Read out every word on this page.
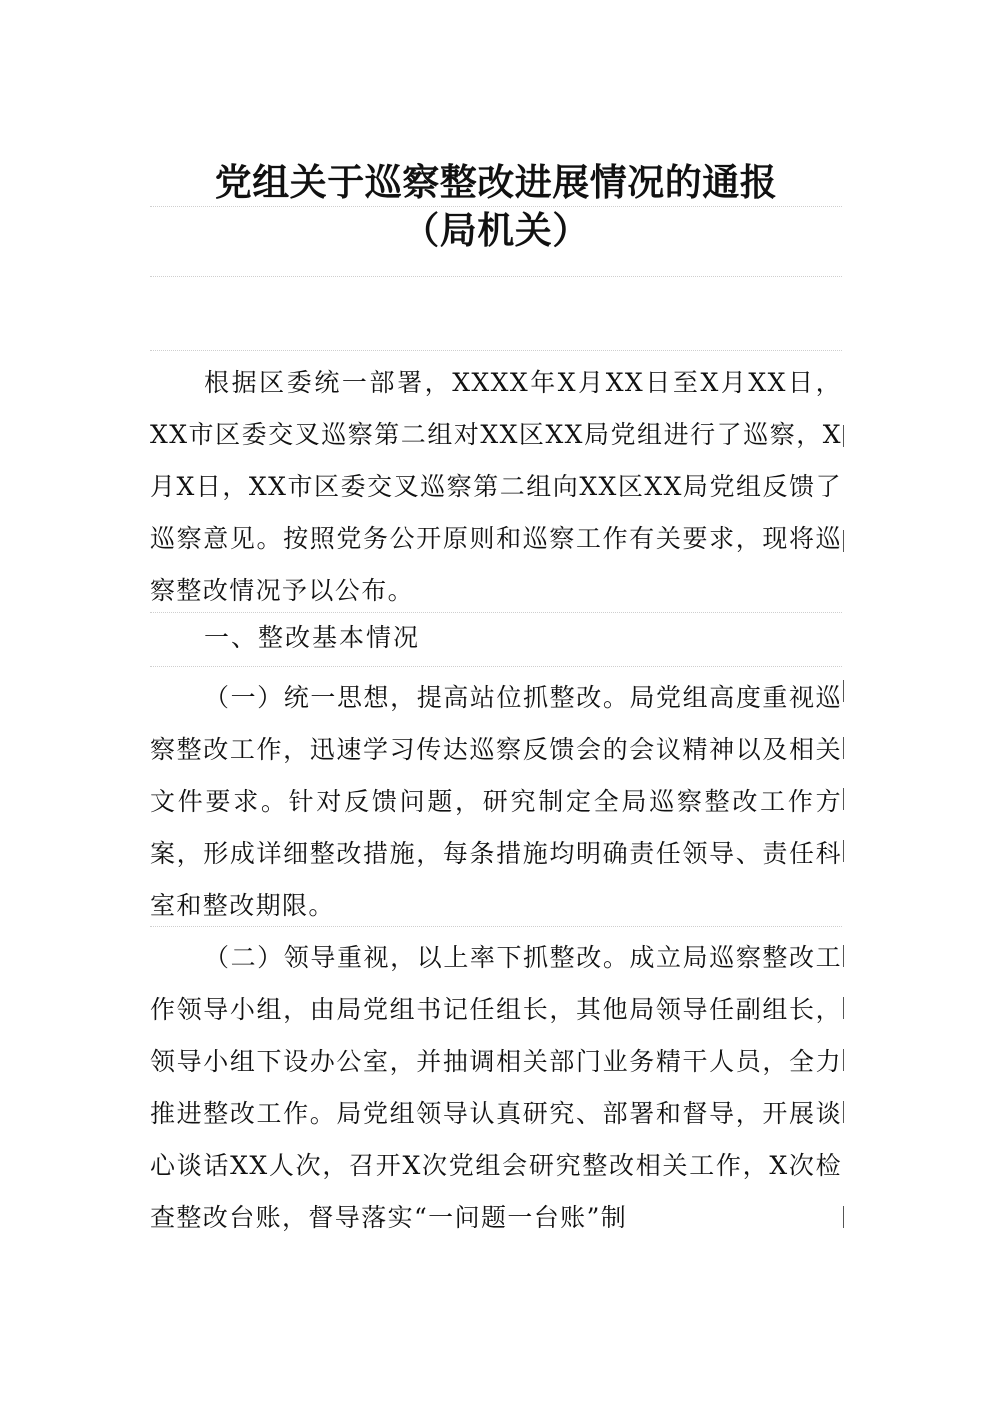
党组关于巡察整改进展情况的通报
（局机关）

根据区委统一部署，XXXX年X月XX日至X月XX日，XX市区委交叉巡察第二组对XX区XX局党组进行了巡察，X月X日，XX市区委交叉巡察第二组向XX区XX局党组反馈了巡察意见。按照党务公开原则和巡察工作有关要求，现将巡察整改情况予以公布。

一、整改基本情况

（一）统一思想，提高站位抓整改。局党组高度重视巡察整改工作，迅速学习传达巡察反馈会的会议精神以及相关文件要求。针对反馈问题，研究制定全局巡察整改工作方案，形成详细整改措施，每条措施均明确责任领导、责任科室和整改期限。

（二）领导重视，以上率下抓整改。成立局巡察整改工作领导小组，由局党组书记任组长，其他局领导任副组长，领导小组下设办公室，并抽调相关部门业务精干人员，全力推进整改工作。局党组领导认真研究、部署和督导，开展谈心谈话XX人次，召开X次党组会研究整改相关工作，X次检查整改台账，督导落实“一问题一台账”制
